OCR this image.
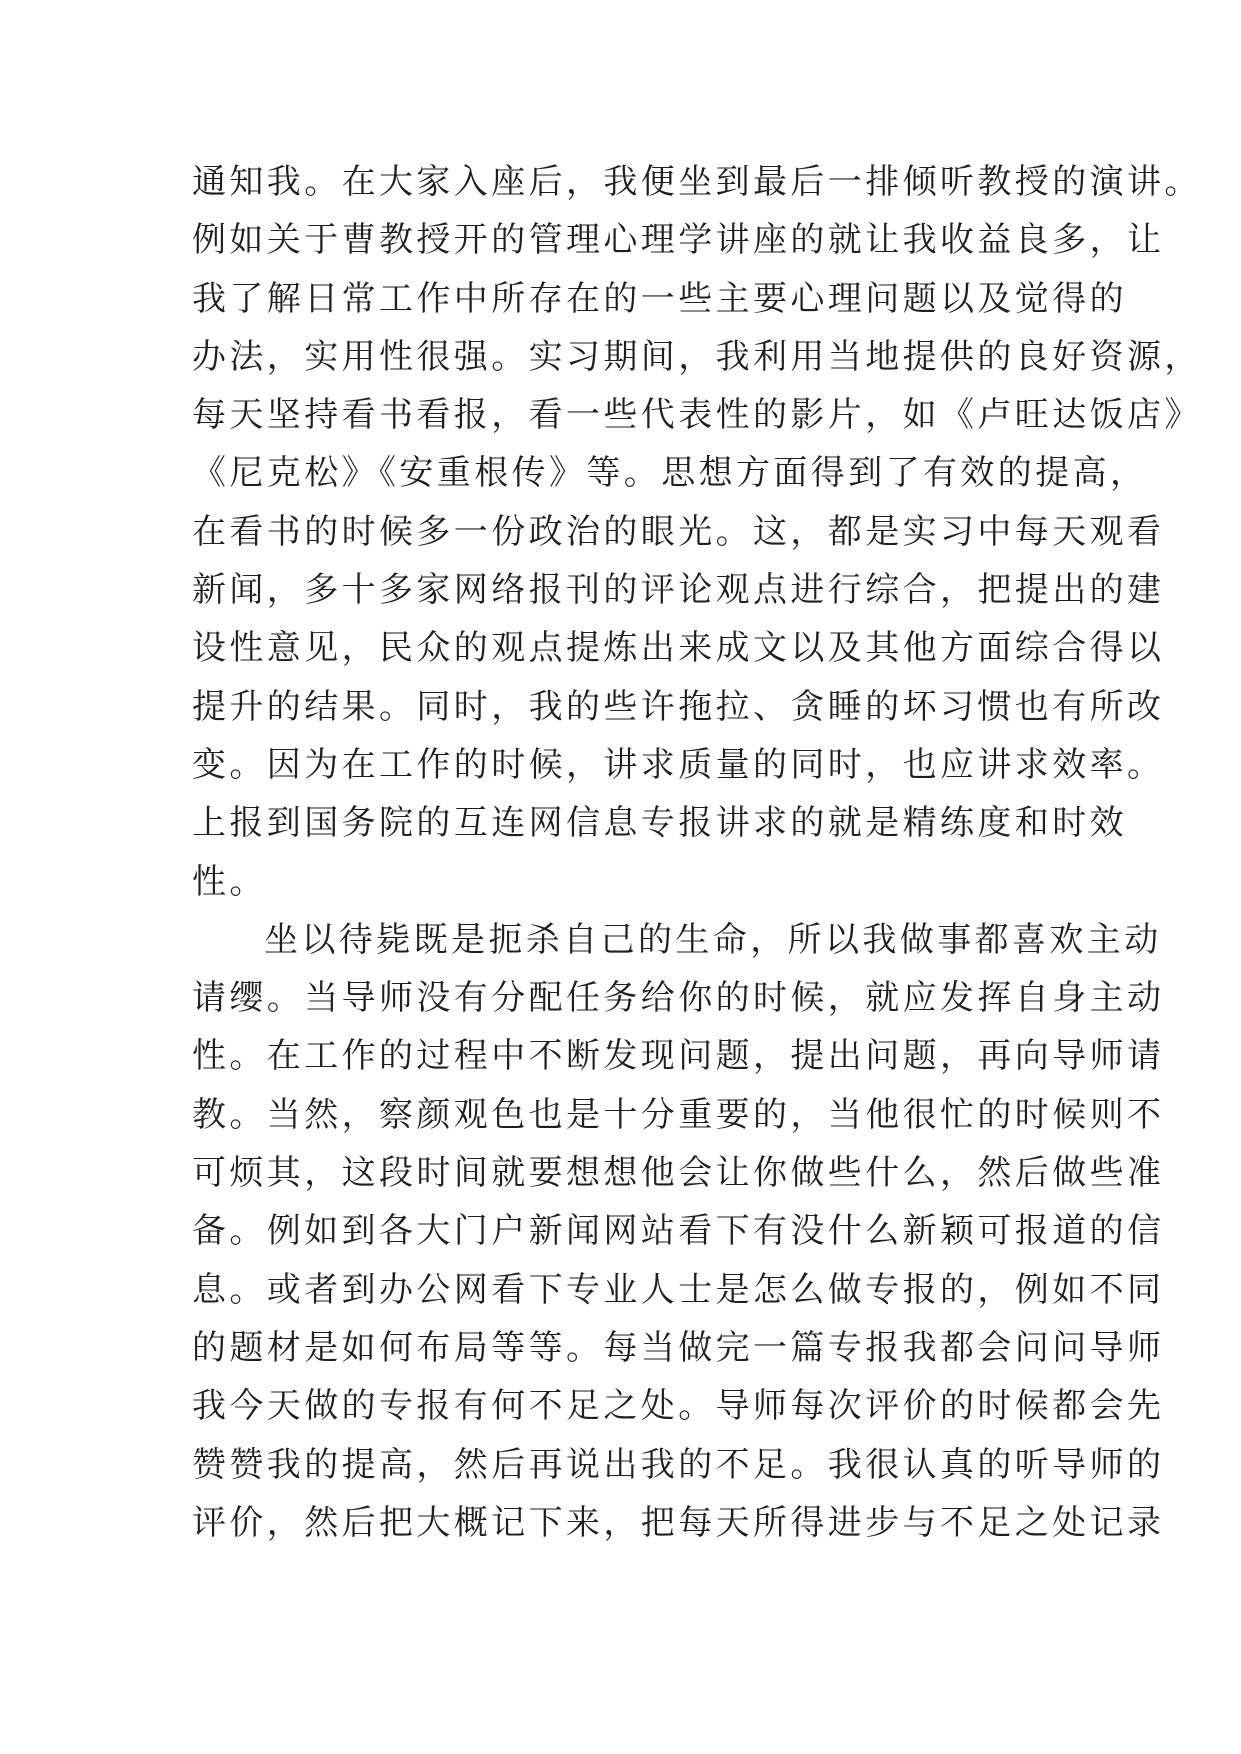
通知我。在大家入座后，我便坐到最后一排倾听教授的演讲。
例如关于曹教授开的管理心理学讲座的就让我收益良多，让
我了解日常工作中所存在的一些主要心理问题以及觉得的
办法，实用性很强。实习期间，我利用当地提供的良好资源，
每天坚持看书看报，看一些代表性的影片，如《卢旺达饭店》
《尼克松》《安重根传》等。思想方面得到了有效的提高，
在看书的时候多一份政治的眼光。这，都是实习中每天观看
新闻，多十多家网络报刊的评论观点进行综合，把提出的建
设性意见，民众的观点提炼出来成文以及其他方面综合得以
提升的结果。同时，我的些许拖拉、贪睡的坏习惯也有所改
变。因为在工作的时候，讲求质量的同时，也应讲求效率。
上报到国务院的互连网信息专报讲求的就是精练度和时效
性。
坐以待毙既是扼杀自己的生命，所以我做事都喜欢主动
请缨。当导师没有分配任务给你的时候，就应发挥自身主动
性。在工作的过程中不断发现问题，提出问题，再向导师请
教。当然，察颜观色也是十分重要的，当他很忙的时候则不
可烦其，这段时间就要想想他会让你做些什么，然后做些准
备。例如到各大门户新闻网站看下有没什么新颖可报道的信
息。或者到办公网看下专业人士是怎么做专报的，例如不同
的题材是如何布局等等。每当做完一篇专报我都会问问导师
我今天做的专报有何不足之处。导师每次评价的时候都会先
赞赞我的提高，然后再说出我的不足。我很认真的听导师的
评价，然后把大概记下来，把每天所得进步与不足之处记录
